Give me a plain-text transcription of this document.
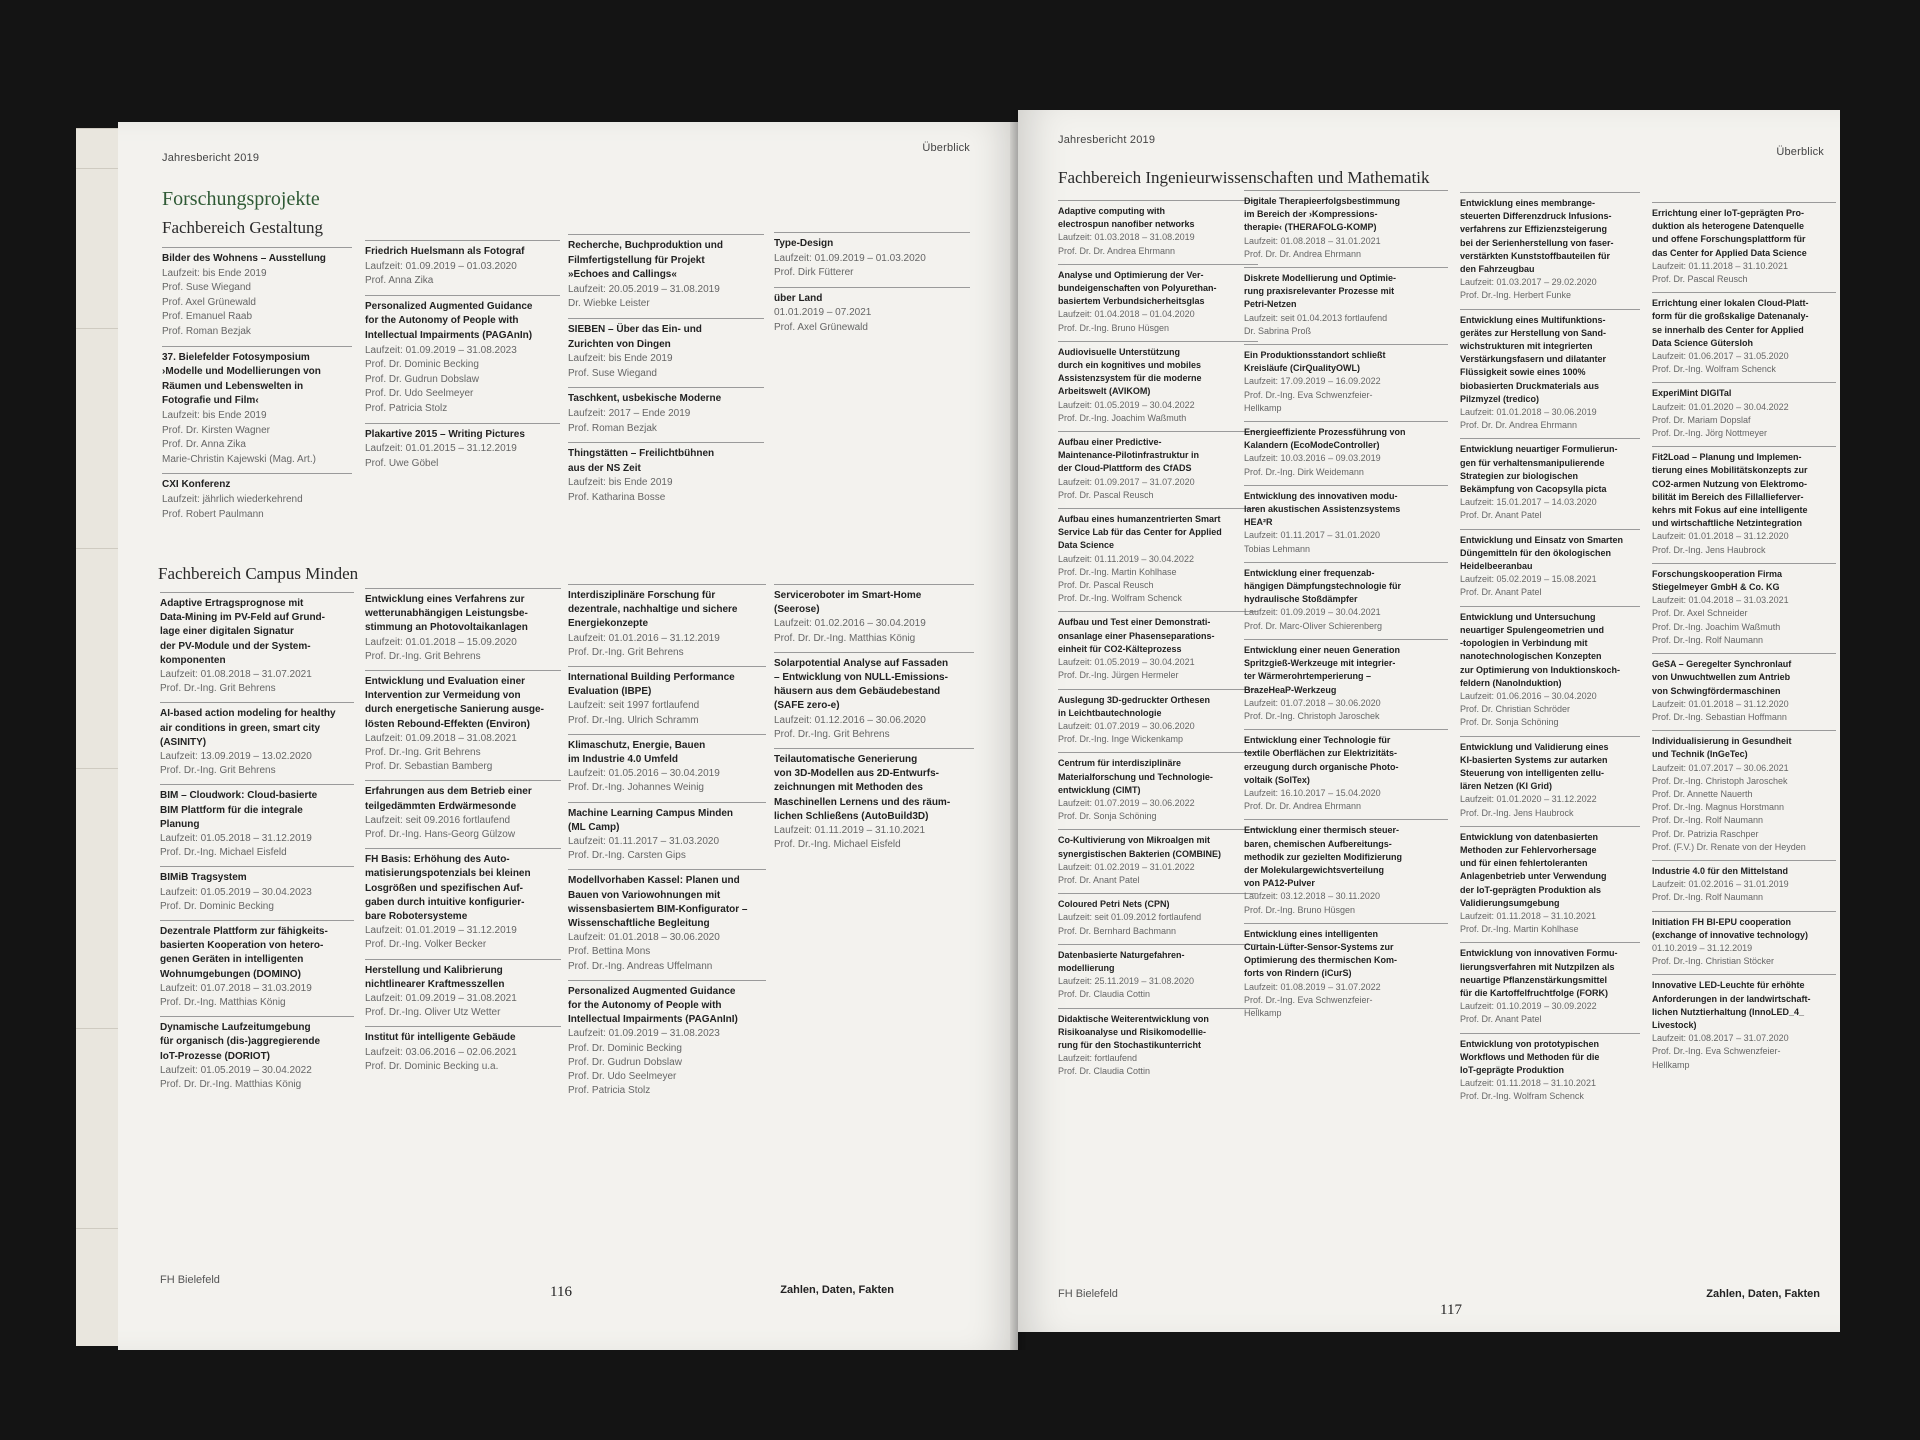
Jahresbericht 2019
Überblick
Forschungsprojekte
Fachbereich Gestaltung
Bilder des Wohnens – Ausstellung
Laufzeit: bis Ende 2019
Prof. Suse Wiegand
Prof. Axel Grünewald
Prof. Emanuel Raab
Prof. Roman Bezjak
37. Bielefelder Fotosymposium
›Modelle und Modellierungen von
Räumen und Lebenswelten in
Fotografie und Film‹
Laufzeit: bis Ende 2019
Prof. Dr. Kirsten Wagner
Prof. Dr. Anna Zika
Marie-Christin Kajewski (Mag. Art.)
CXI Konferenz
Laufzeit: jährlich wiederkehrend
Prof. Robert Paulmann
Friedrich Huelsmann als Fotograf
Laufzeit: 01.09.2019 – 01.03.2020
Prof. Anna Zika
Personalized Augmented Guidance
for the Autonomy of People with
Intellectual Impairments (PAGAnIn)
Laufzeit: 01.09.2019 – 31.08.2023
Prof. Dr. Dominic Becking
Prof. Dr. Gudrun Dobslaw
Prof. Dr. Udo Seelmeyer
Prof. Patricia Stolz
Plakartive 2015 – Writing Pictures
Laufzeit: 01.01.2015 – 31.12.2019
Prof. Uwe Göbel
Recherche, Buchproduktion und
Filmfertigstellung für Projekt
»Echoes and Callings«
Laufzeit: 20.05.2019 – 31.08.2019
Dr. Wiebke Leister
SIEBEN – Über das Ein- und
Zurichten von Dingen
Laufzeit: bis Ende 2019
Prof. Suse Wiegand
Taschkent, usbekische Moderne
Laufzeit: 2017 – Ende 2019
Prof. Roman Bezjak
Thingstätten – Freilichtbühnen
aus der NS Zeit
Laufzeit: bis Ende 2019
Prof. Katharina Bosse
Type-Design
Laufzeit: 01.09.2019 – 01.03.2020
Prof. Dirk Fütterer
über Land
01.01.2019 – 07.2021
Prof. Axel Grünewald
Fachbereich Campus Minden
Adaptive Ertragsprognose mit
Data-Mining im PV-Feld auf Grund-
lage einer digitalen Signatur
der PV-Module und der System-
komponenten
Laufzeit: 01.08.2018 – 31.07.2021
Prof. Dr.-Ing. Grit Behrens
AI-based action modeling for healthy
air conditions in green, smart city
(ASINITY)
Laufzeit: 13.09.2019 – 13.02.2020
Prof. Dr.-Ing. Grit Behrens
BIM – Cloudwork: Cloud-basierte
BIM Plattform für die integrale
Planung
Laufzeit: 01.05.2018 – 31.12.2019
Prof. Dr.-Ing. Michael Eisfeld
BIMiB Tragsystem
Laufzeit: 01.05.2019 – 30.04.2023
Prof. Dr. Dominic Becking
Dezentrale Plattform zur fähigkeits-
basierten Kooperation von hetero-
genen Geräten in intelligenten
Wohnumgebungen (DOMINO)
Laufzeit: 01.07.2018 – 31.03.2019
Prof. Dr.-Ing. Matthias König
Dynamische Laufzeitumgebung
für organisch (dis-)aggregierende
IoT-Prozesse (DORIOT)
Laufzeit: 01.05.2019 – 30.04.2022
Prof. Dr. Dr.-Ing. Matthias König
Entwicklung eines Verfahrens zur
wetterunabhängigen Leistungsbe-
stimmung an Photovoltaikanlagen
Laufzeit: 01.01.2018 – 15.09.2020
Prof. Dr.-Ing. Grit Behrens
Entwicklung und Evaluation einer
Intervention zur Vermeidung von
durch energetische Sanierung ausge-
lösten Rebound-Effekten (Environ)
Laufzeit: 01.09.2018 – 31.08.2021
Prof. Dr.-Ing. Grit Behrens
Prof. Dr. Sebastian Bamberg
Erfahrungen aus dem Betrieb einer
teilgedämmten Erdwärmesonde
Laufzeit: seit 09.2016 fortlaufend
Prof. Dr.-Ing. Hans-Georg Gülzow
FH Basis: Erhöhung des Auto-
matisierungspotenzials bei kleinen
Losgrößen und spezifischen Auf-
gaben durch intuitive konfigurier-
bare Robotersysteme
Laufzeit: 01.01.2019 – 31.12.2019
Prof. Dr.-Ing. Volker Becker
Herstellung und Kalibrierung
nichtlinearer Kraftmesszellen
Laufzeit: 01.09.2019 – 31.08.2021
Prof. Dr.-Ing. Oliver Utz Wetter
Institut für intelligente Gebäude
Laufzeit: 03.06.2016 – 02.06.2021
Prof. Dr. Dominic Becking u.a.
Interdisziplinäre Forschung für
dezentrale, nachhaltige und sichere
Energiekonzepte
Laufzeit: 01.01.2016 – 31.12.2019
Prof. Dr.-Ing. Grit Behrens
International Building Performance
Evaluation (IBPE)
Laufzeit: seit 1997 fortlaufend
Prof. Dr.-Ing. Ulrich Schramm
Klimaschutz, Energie, Bauen
im Industrie 4.0 Umfeld
Laufzeit: 01.05.2016 – 30.04.2019
Prof. Dr.-Ing. Johannes Weinig
Machine Learning Campus Minden
(ML Camp)
Laufzeit: 01.11.2017 – 31.03.2020
Prof. Dr.-Ing. Carsten Gips
Modellvorhaben Kassel: Planen und
Bauen von Variowohnungen mit
wissensbasiertem BIM-Konfigurator –
Wissenschaftliche Begleitung
Laufzeit: 01.01.2018 – 30.06.2020
Prof. Bettina Mons
Prof. Dr.-Ing. Andreas Uffelmann
Personalized Augmented Guidance
for the Autonomy of People with
Intellectual Impairments (PAGAnInI)
Laufzeit: 01.09.2019 – 31.08.2023
Prof. Dr. Dominic Becking
Prof. Dr. Gudrun Dobslaw
Prof. Dr. Udo Seelmeyer
Prof. Patricia Stolz
Serviceroboter im Smart-Home
(Seerose)
Laufzeit: 01.02.2016 – 30.04.2019
Prof. Dr. Dr.-Ing. Matthias König
Solarpotential Analyse auf Fassaden
– Entwicklung von NULL-Emissions-
häusern aus dem Gebäudebestand
(SAFE zero-e)
Laufzeit: 01.12.2016 – 30.06.2020
Prof. Dr.-Ing. Grit Behrens
Teilautomatische Generierung
von 3D-Modellen aus 2D-Entwurfs-
zeichnungen mit Methoden des
Maschinellen Lernens und des räum-
lichen Schließens (AutoBuild3D)
Laufzeit: 01.11.2019 – 31.10.2021
Prof. Dr.-Ing. Michael Eisfeld
FH Bielefeld
116	Zahlen, Daten, Fakten
Jahresbericht 2019
Überblick
Fachbereich Ingenieurwissenschaften und Mathematik
Adaptive computing with
electrospun nanofiber networks
Laufzeit: 01.03.2018 – 31.08.2019
Prof. Dr. Dr. Andrea Ehrmann
Analyse und Optimierung der Ver-
bundeigenschaften von Polyurethan-
basiertem Verbundsicherheitsglas
Laufzeit: 01.04.2018 – 01.04.2020
Prof. Dr.-Ing. Bruno Hüsgen
Audiovisuelle Unterstützung
durch ein kognitives und mobiles
Assistenzsystem für die moderne
Arbeitswelt (AVIKOM)
Laufzeit: 01.05.2019 – 30.04.2022
Prof. Dr.-Ing. Joachim Waßmuth
Aufbau einer Predictive-
Maintenance-Pilotinfrastruktur in
der Cloud-Plattform des CfADS
Laufzeit: 01.09.2017 – 31.07.2020
Prof. Dr. Pascal Reusch
Aufbau eines humanzentrierten Smart
Service Lab für das Center for Applied
Data Science
Laufzeit: 01.11.2019 – 30.04.2022
Prof. Dr.-Ing. Martin Kohlhase
Prof. Dr. Pascal Reusch
Prof. Dr.-Ing. Wolfram Schenck
Aufbau und Test einer Demonstrati-
onsanlage einer Phasenseparations-
einheit für CO2-Kälteprozess
Laufzeit: 01.05.2019 – 30.04.2021
Prof. Dr.-Ing. Jürgen Hermeler
Auslegung 3D-gedruckter Orthesen
in Leichtbautechnologie
Laufzeit: 01.07.2019 – 30.06.2020
Prof. Dr.-Ing. Inge Wickenkamp
Centrum für interdisziplinäre
Materialforschung und Technologie-
entwicklung (CIMT)
Laufzeit: 01.07.2019 – 30.06.2022
Prof. Dr. Sonja Schöning
Co-Kultivierung von Mikroalgen mit
synergistischen Bakterien (COMBINE)
Laufzeit: 01.02.2019 – 31.01.2022
Prof. Dr. Anant Patel
Coloured Petri Nets (CPN)
Laufzeit: seit 01.09.2012 fortlaufend
Prof. Dr. Bernhard Bachmann
Datenbasierte Naturgefahren-
modellierung
Laufzeit: 25.11.2019 – 31.08.2020
Prof. Dr. Claudia Cottin
Didaktische Weiterentwicklung von
Risikoanalyse und Risikomodellie-
rung für den Stochastikunterricht
Laufzeit: fortlaufend
Prof. Dr. Claudia Cottin
Digitale Therapieerfolgsbestimmung
im Bereich der ›Kompressions-
therapie‹ (THERAFOLG-KOMP)
Laufzeit: 01.08.2018 – 31.01.2021
Prof. Dr. Dr. Andrea Ehrmann
Diskrete Modellierung und Optimie-
rung praxisrelevanter Prozesse mit
Petri-Netzen
Laufzeit: seit 01.04.2013 fortlaufend
Dr. Sabrina Proß
Ein Produktionsstandort schließt
Kreisläufe (CirQualityOWL)
Laufzeit: 17.09.2019 – 16.09.2022
Prof. Dr.-Ing. Eva Schwenzfeier-
Hellkamp
Energieeffiziente Prozessführung von
Kalandern (EcoModeController)
Laufzeit: 10.03.2016 – 09.03.2019
Prof. Dr.-Ing. Dirk Weidemann
Entwicklung des innovativen modu-
laren akustischen Assistenzsystems
HEA²R
Laufzeit: 01.11.2017 – 31.01.2020
Tobias Lehmann
Entwicklung einer frequenzab-
hängigen Dämpfungstechnologie für
hydraulische Stoßdämpfer
Laufzeit: 01.09.2019 – 30.04.2021
Prof. Dr. Marc-Oliver Schierenberg
Entwicklung einer neuen Generation
Spritzgieß-Werkzeuge mit integrier-
ter Wärmerohrtemperierung –
BrazeHeaP-Werkzeug
Laufzeit: 01.07.2018 – 30.06.2020
Prof. Dr.-Ing. Christoph Jaroschek
Entwicklung einer Technologie für
textile Oberflächen zur Elektrizitäts-
erzeugung durch organische Photo-
voltaik (SolTex)
Laufzeit: 16.10.2017 – 15.04.2020
Prof. Dr. Dr. Andrea Ehrmann
Entwicklung einer thermisch steuer-
baren, chemischen Aufbereitungs-
methodik zur gezielten Modifizierung
der Molekulargewichtsverteilung
von PA12-Pulver
Laufzeit: 03.12.2018 – 30.11.2020
Prof. Dr.-Ing. Bruno Hüsgen
Entwicklung eines intelligenten
Curtain-Lüfter-Sensor-Systems zur
Optimierung des thermischen Kom-
forts von Rindern (iCurS)
Laufzeit: 01.08.2019 – 31.07.2022
Prof. Dr.-Ing. Eva Schwenzfeier-
Hellkamp
Entwicklung eines membrange-
steuerten Differenzdruck Infusions-
verfahrens zur Effizienzsteigerung
bei der Serienherstellung von faser-
verstärkten Kunststoffbauteilen für
den Fahrzeugbau
Laufzeit: 01.03.2017 – 29.02.2020
Prof. Dr.-Ing. Herbert Funke
Entwicklung eines Multifunktions-
gerätes zur Herstellung von Sand-
wichstrukturen mit integrierten
Verstärkungsfasern und dilatanter
Flüssigkeit sowie eines 100%
biobasierten Druckmaterials aus
Pilzmyzel (tredico)
Laufzeit: 01.01.2018 – 30.06.2019
Prof. Dr. Dr. Andrea Ehrmann
Entwicklung neuartiger Formulierun-
gen für verhaltensmanipulierende
Strategien zur biologischen
Bekämpfung von Cacopsylla picta
Laufzeit: 15.01.2017 – 14.03.2020
Prof. Dr. Anant Patel
Entwicklung und Einsatz von Smarten
Düngemitteln für den ökologischen
Heidelbeeranbau
Laufzeit: 05.02.2019 – 15.08.2021
Prof. Dr. Anant Patel
Entwicklung und Untersuchung
neuartiger Spulengeometrien und
-topologien in Verbindung mit
nanotechnologischen Konzepten
zur Optimierung von Induktionskoch-
feldern (NanoInduktion)
Laufzeit: 01.06.2016 – 30.04.2020
Prof. Dr. Christian Schröder
Prof. Dr. Sonja Schöning
Entwicklung und Validierung eines
KI-basierten Systems zur autarken
Steuerung von intelligenten zellu-
lären Netzen (KI Grid)
Laufzeit: 01.01.2020 – 31.12.2022
Prof. Dr.-Ing. Jens Haubrock
Entwicklung von datenbasierten
Methoden zur Fehlervorhersage
und für einen fehlertoleranten
Anlagenbetrieb unter Verwendung
der IoT-geprägten Produktion als
Validierungsumgebung
Laufzeit: 01.11.2018 – 31.10.2021
Prof. Dr.-Ing. Martin Kohlhase
Entwicklung von innovativen Formu-
lierungsverfahren mit Nutzpilzen als
neuartige Pflanzenstärkungsmittel
für die Kartoffelfruchtfolge (FORK)
Laufzeit: 01.10.2019 – 30.09.2022
Prof. Dr. Anant Patel
Entwicklung von prototypischen
Workflows und Methoden für die
IoT-geprägte Produktion
Laufzeit: 01.11.2018 – 31.10.2021
Prof. Dr.-Ing. Wolfram Schenck
Errichtung einer IoT-geprägten Pro-
duktion als heterogene Datenquelle
und offene Forschungsplattform für
das Center for Applied Data Science
Laufzeit: 01.11.2018 – 31.10.2021
Prof. Dr. Pascal Reusch
Errichtung einer lokalen Cloud-Platt-
form für die großskalige Datenanaly-
se innerhalb des Center for Applied
Data Science Gütersloh
Laufzeit: 01.06.2017 – 31.05.2020
Prof. Dr.-Ing. Wolfram Schenck
ExperiMint DIGITal
Laufzeit: 01.01.2020 – 30.04.2022
Prof. Dr. Mariam Dopslaf
Prof. Dr.-Ing. Jörg Nottmeyer
Fit2Load – Planung und Implemen-
tierung eines Mobilitätskonzepts zur
CO2-armen Nutzung von Elektromo-
bilität im Bereich des Fillallieferver-
kehrs mit Fokus auf eine intelligente
und wirtschaftliche Netzintegration
Laufzeit: 01.01.2018 – 31.12.2020
Prof. Dr.-Ing. Jens Haubrock
Forschungskooperation Firma
Stiegelmeyer GmbH & Co. KG
Laufzeit: 01.04.2018 – 31.03.2021
Prof. Dr. Axel Schneider
Prof. Dr.-Ing. Joachim Waßmuth
Prof. Dr.-Ing. Rolf Naumann
GeSA – Geregelter Synchronlauf
von Unwuchtwellen zum Antrieb
von Schwingfördermaschinen
Laufzeit: 01.01.2018 – 31.12.2020
Prof. Dr.-Ing. Sebastian Hoffmann
Individualisierung in Gesundheit
und Technik (InGeTec)
Laufzeit: 01.07.2017 – 30.06.2021
Prof. Dr.-Ing. Christoph Jaroschek
Prof. Dr. Annette Nauerth
Prof. Dr.-Ing. Magnus Horstmann
Prof. Dr.-Ing. Rolf Naumann
Prof. Dr. Patrizia Raschper
Prof. (F.V.) Dr. Renate von der Heyden
Industrie 4.0 für den Mittelstand
Laufzeit: 01.02.2016 – 31.01.2019
Prof. Dr.-Ing. Rolf Naumann
Initiation FH BI-EPU cooperation
(exchange of innovative technology)
01.10.2019 – 31.12.2019
Prof. Dr.-Ing. Christian Stöcker
Innovative LED-Leuchte für erhöhte
Anforderungen in der landwirtschaft-
lichen Nutztierhaltung (InnoLED_4_
Livestock)
Laufzeit: 01.08.2017 – 31.07.2020
Prof. Dr.-Ing. Eva Schwenzfeier-
Hellkamp
FH Bielefeld
117
Zahlen, Daten, Fakten
